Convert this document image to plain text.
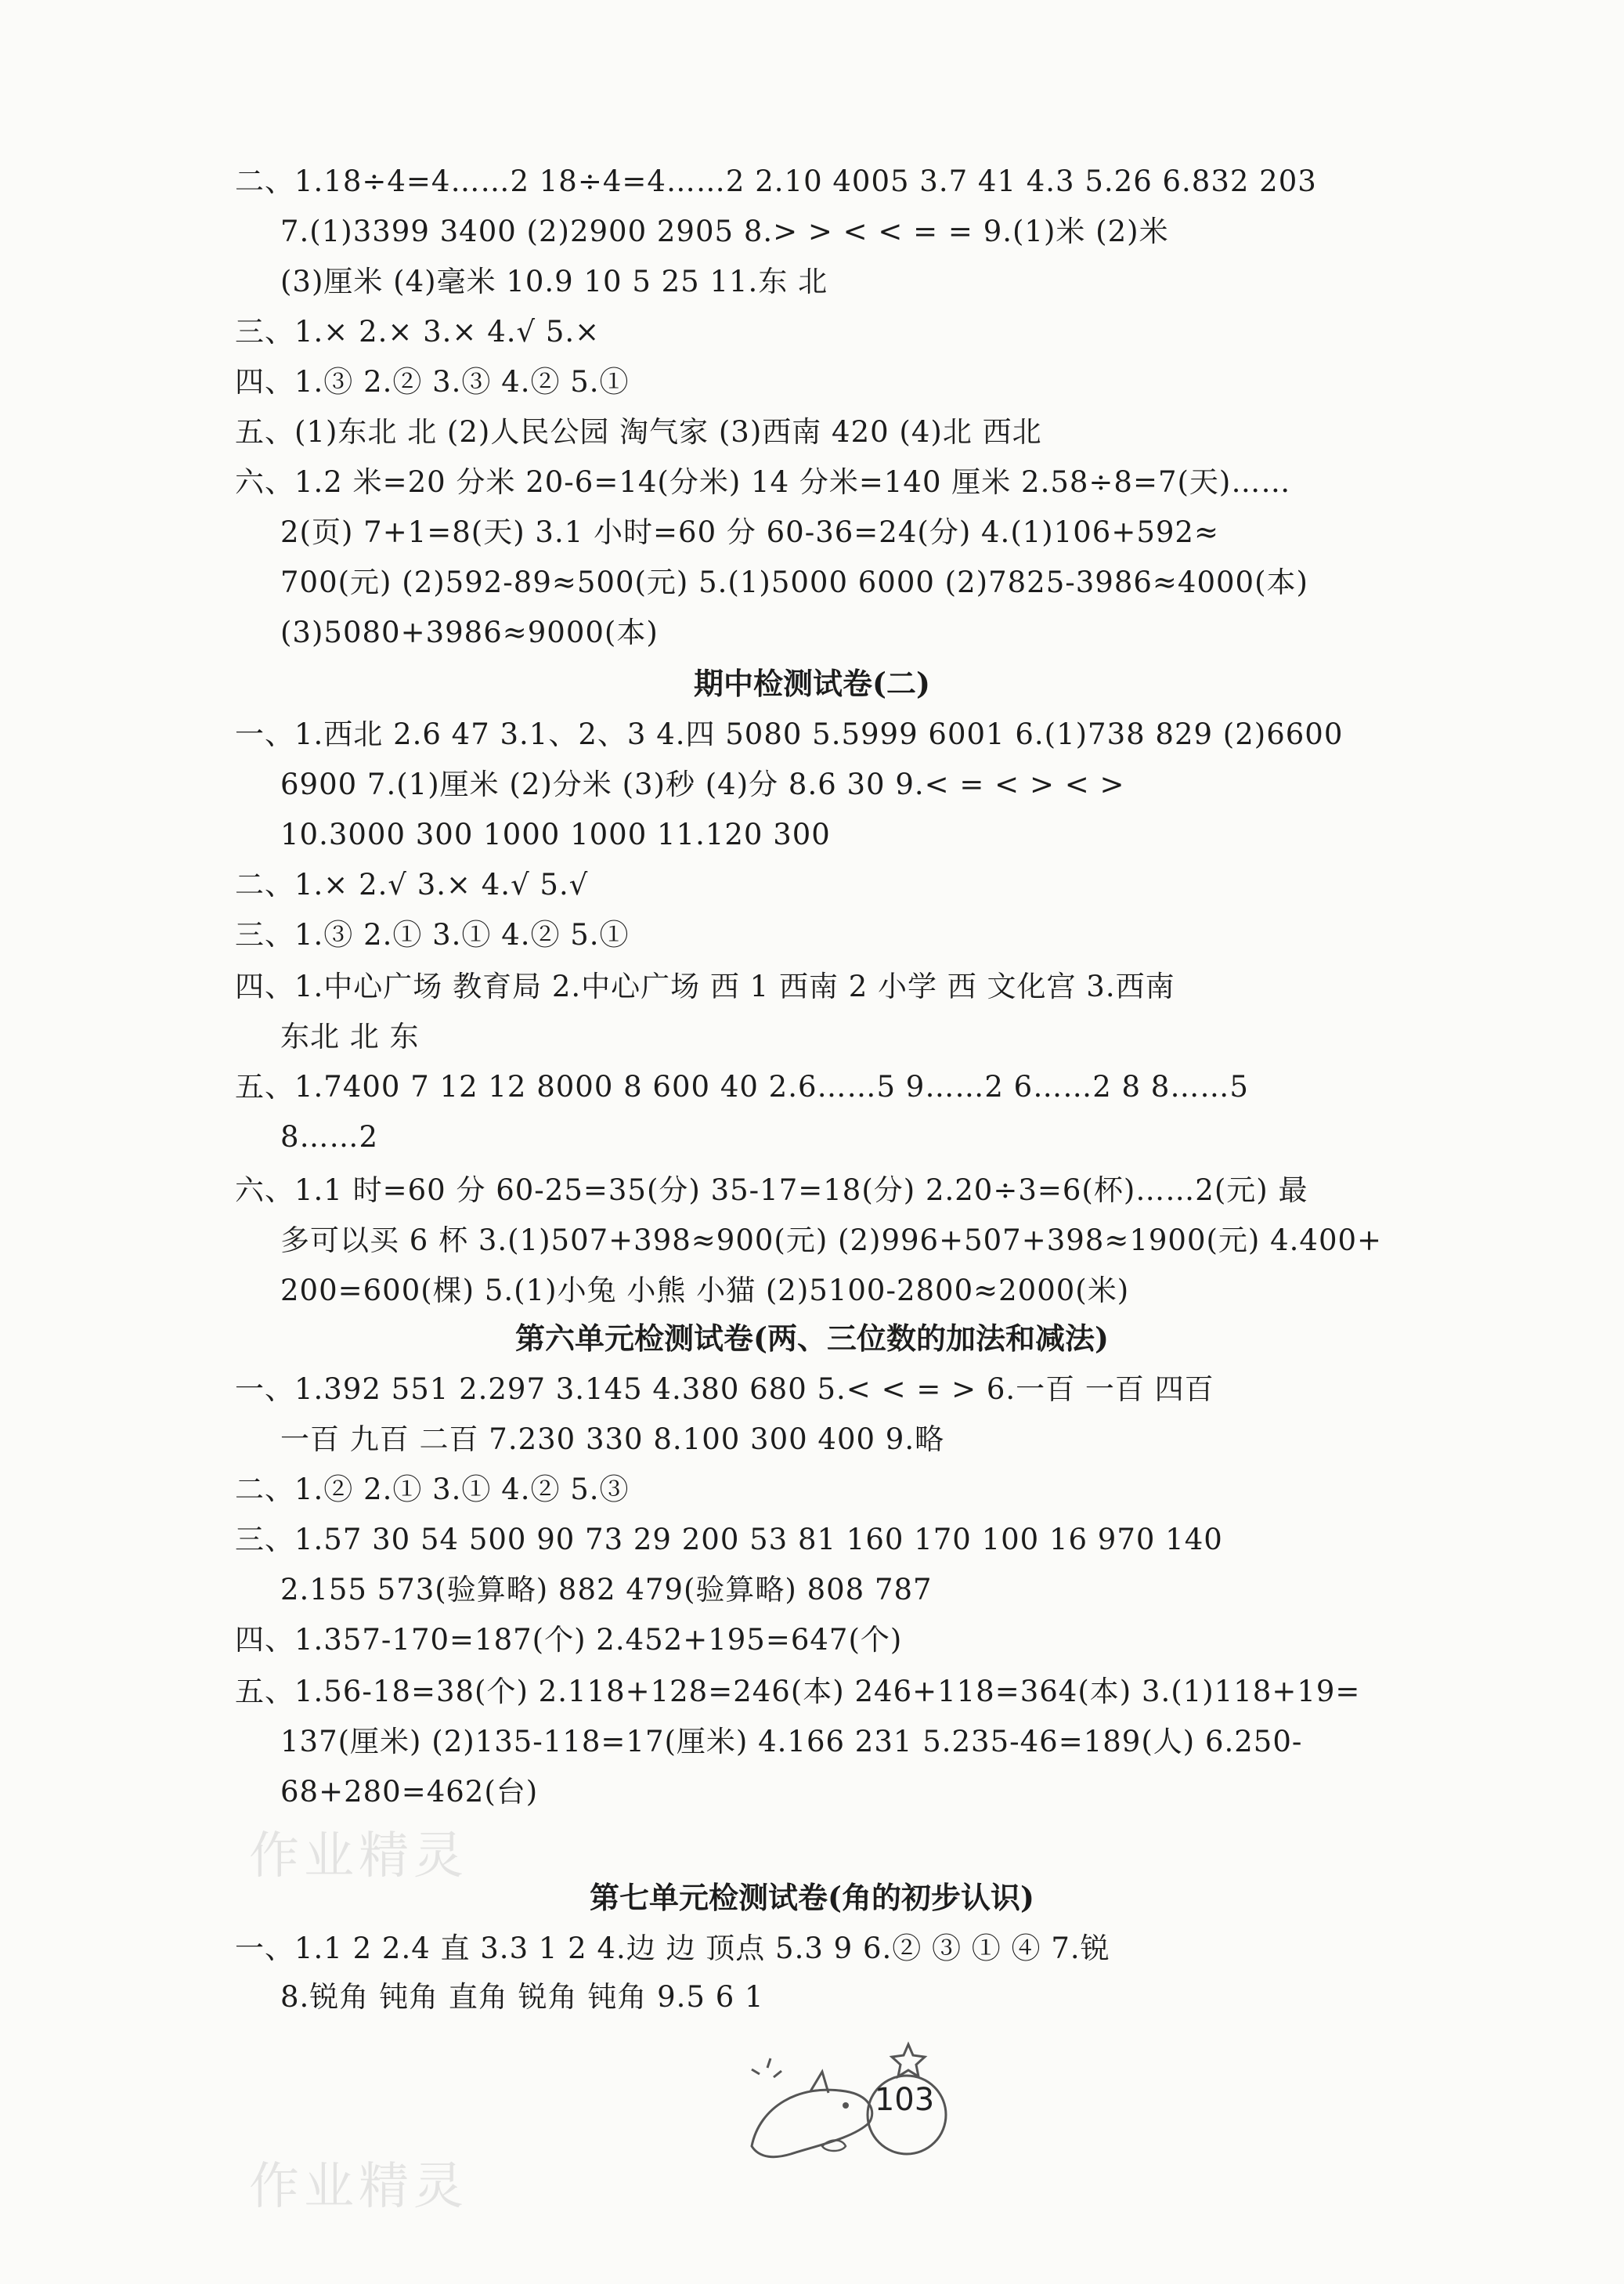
二、1.18÷4=4……2 18÷4=4……2 2.10 4005 3.7 41 4.3 5.26 6.832 203
7.(1)3399 3400 (2)2900 2905 8.> > < < = = 9.(1)米 (2)米
(3)厘米 (4)毫米 10.9 10 5 25 11.东 北
三、1.× 2.× 3.× 4.√ 5.×
四、1.③ 2.② 3.③ 4.② 5.①
五、(1)东北 北 (2)人民公园 淘气家 (3)西南 420 (4)北 西北
六、1.2 米=20 分米 20-6=14(分米) 14 分米=140 厘米 2.58÷8=7(天)……
2(页) 7+1=8(天) 3.1 小时=60 分 60-36=24(分) 4.(1)106+592≈
700(元) (2)592-89≈500(元) 5.(1)5000 6000 (2)7825-3986≈4000(本)
(3)5080+3986≈9000(本)
期中检测试卷(二)
一、1.西北 2.6 47 3.1、2、3 4.四 5080 5.5999 6001 6.(1)738 829 (2)6600
6900 7.(1)厘米 (2)分米 (3)秒 (4)分 8.6 30 9.< = < > < >
10.3000 300 1000 1000 11.120 300
二、1.× 2.√ 3.× 4.√ 5.√
三、1.③ 2.① 3.① 4.② 5.①
四、1.中心广场 教育局 2.中心广场 西 1 西南 2 小学 西 文化宫 3.西南
东北 北 东
五、1.7400 7 12 12 8000 8 600 40 2.6……5 9……2 6……2 8 8……5
8……2
六、1.1 时=60 分 60-25=35(分) 35-17=18(分) 2.20÷3=6(杯)……2(元) 最
多可以买 6 杯 3.(1)507+398≈900(元) (2)996+507+398≈1900(元) 4.400+
200=600(棵) 5.(1)小兔 小熊 小猫 (2)5100-2800≈2000(米)
第六单元检测试卷(两、三位数的加法和减法)
一、1.392 551 2.297 3.145 4.380 680 5.< < = > 6.一百 一百 四百
一百 九百 二百 7.230 330 8.100 300 400 9.略
二、1.② 2.① 3.① 4.② 5.③
三、1.57 30 54 500 90 73 29 200 53 81 160 170 100 16 970 140
2.155 573(验算略) 882 479(验算略) 808 787
四、1.357-170=187(个) 2.452+195=647(个)
五、1.56-18=38(个) 2.118+128=246(本) 246+118=364(本) 3.(1)118+19=
137(厘米) (2)135-118=17(厘米) 4.166 231 5.235-46=189(人) 6.250-
68+280=462(台)
作业精灵
第七单元检测试卷(角的初步认识)
一、1.1 2 2.4 直 3.3 1 2 4.边 边 顶点 5.3 9 6.② ③ ① ④ 7.锐
8.锐角 钝角 直角 锐角 钝角 9.5 6 1
103
作业精灵
